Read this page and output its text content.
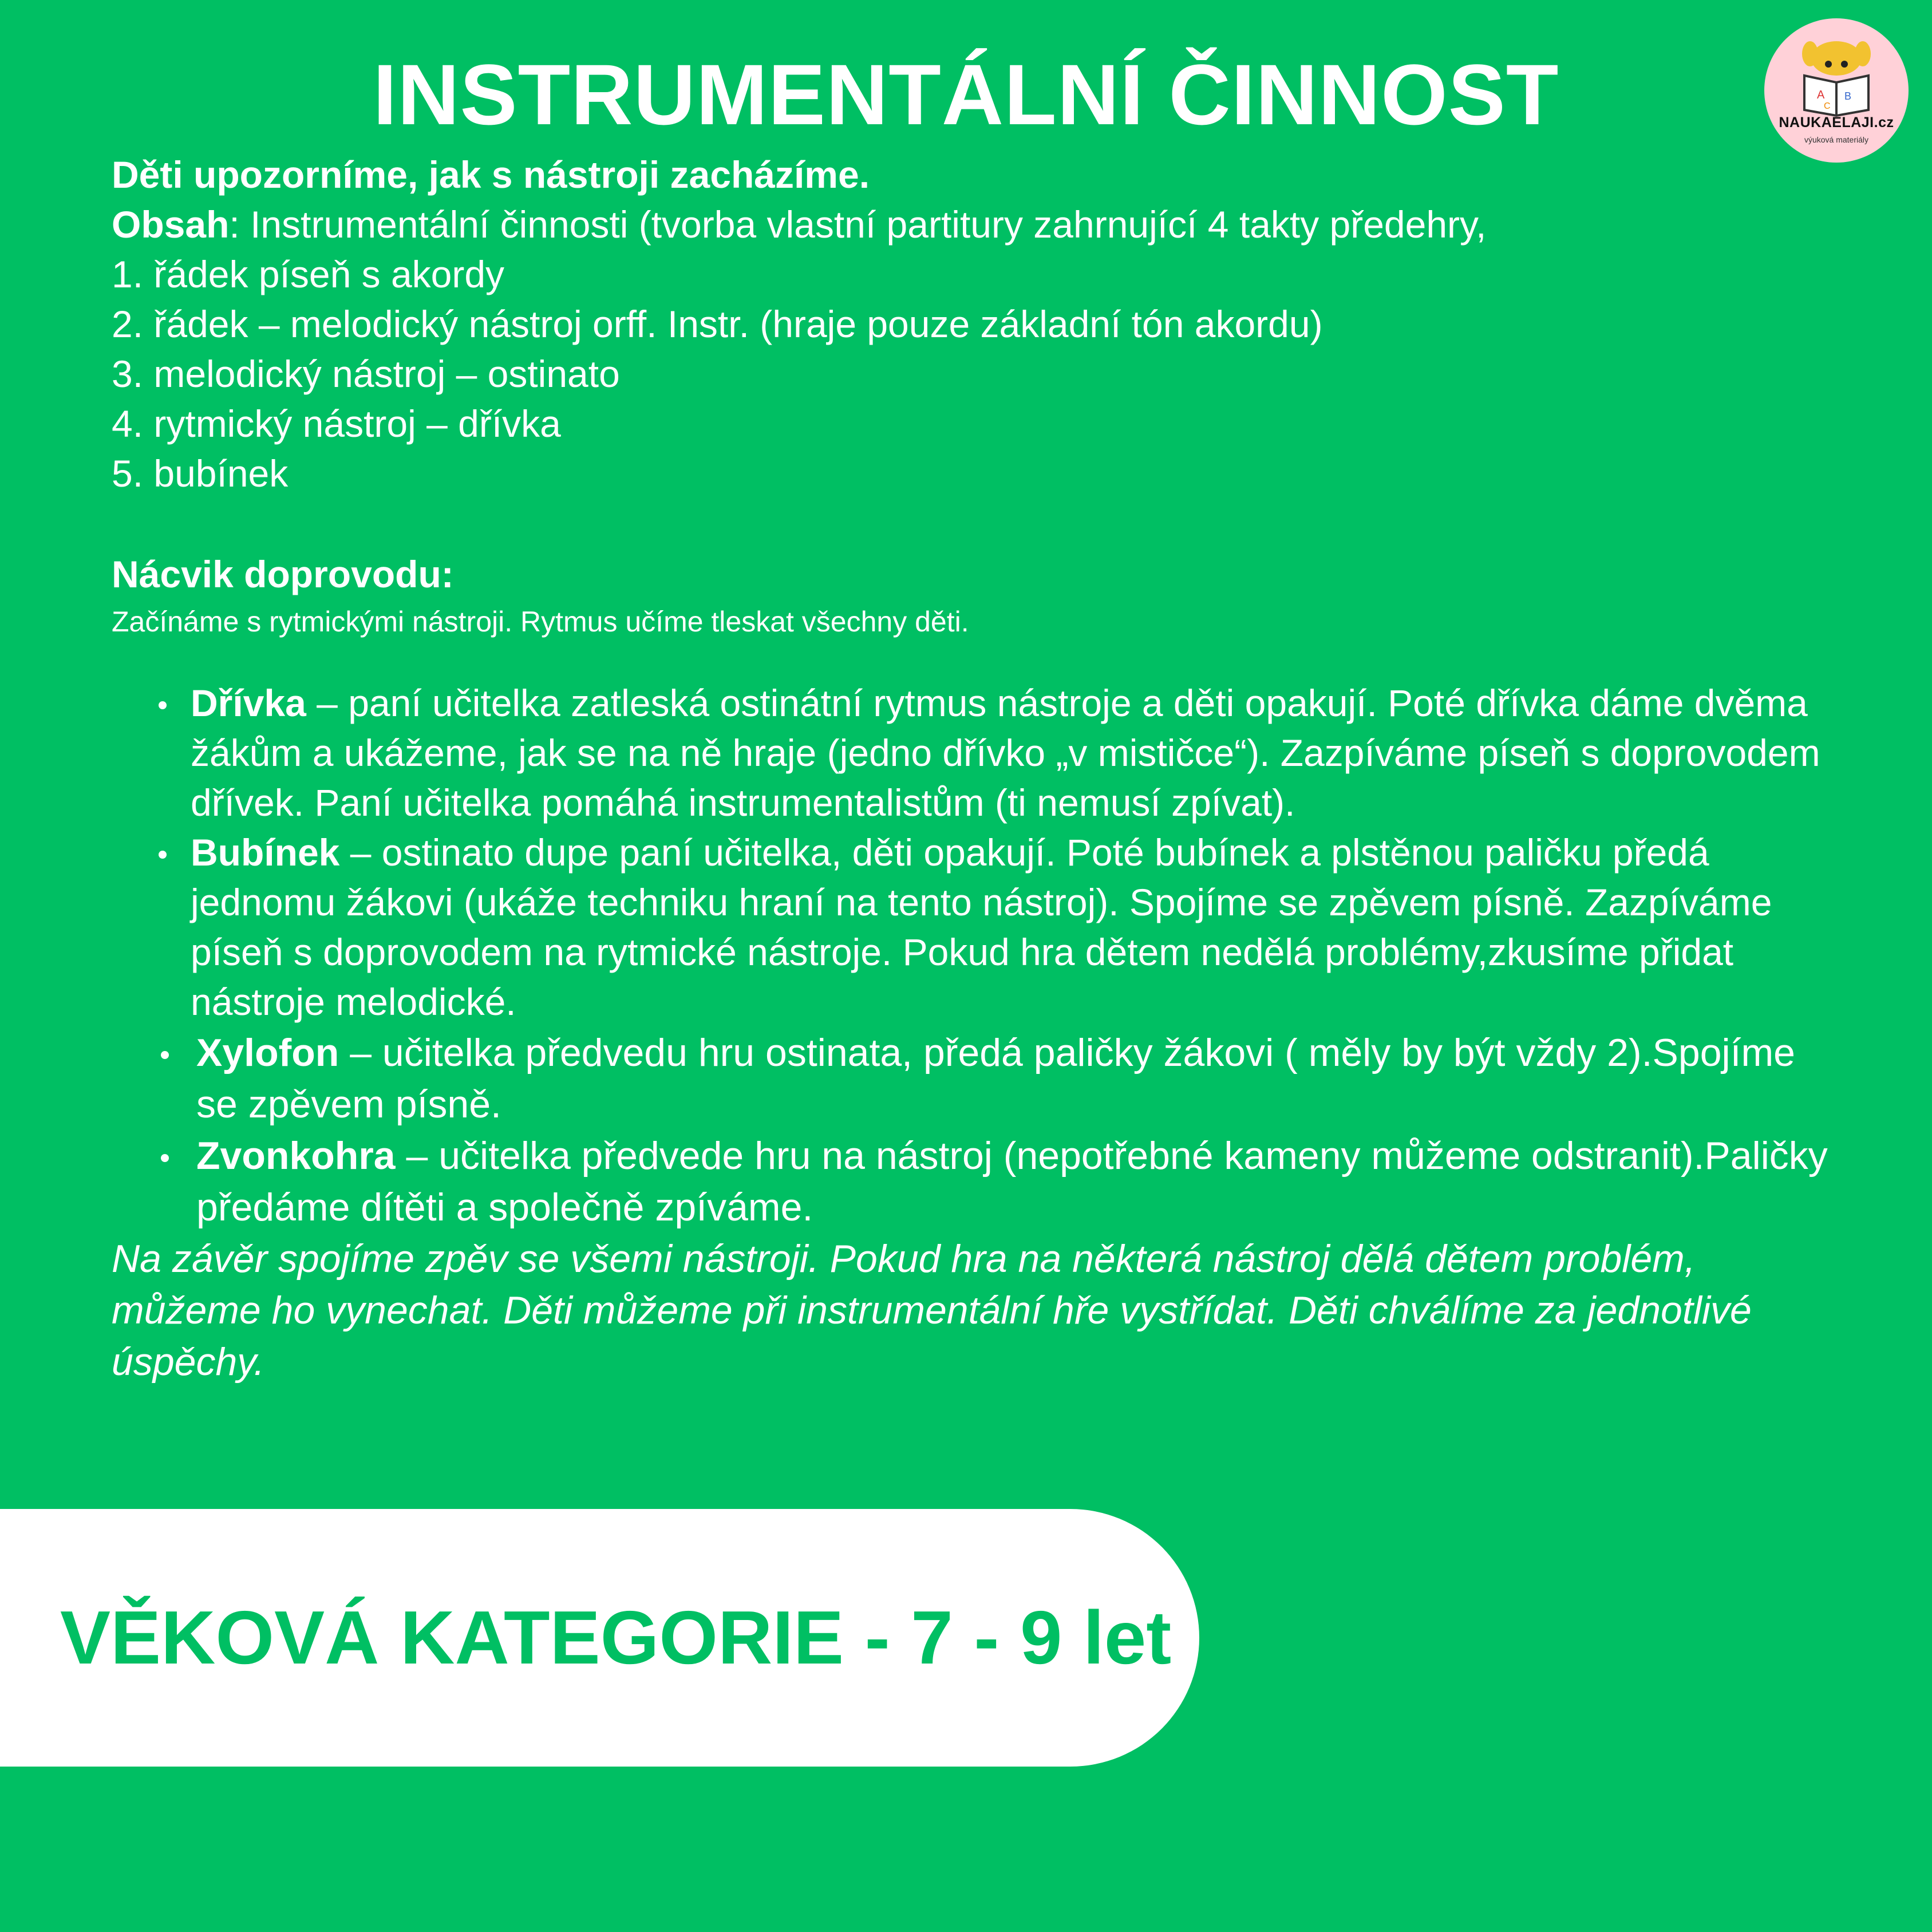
INSTRUMENTÁLNÍ ČINNOST	A B
C
NAUKAELAJI.cz
výuková materiály

Děti upozorníme, jak s nástroji zacházíme.

Obsah: Instrumentální činnosti (tvorba vlastní partitury zahrnující 4 takty předehry,

1. řádek píseň s akordy

2. řádek – melodický nástroj orff. Instr. (hraje pouze základní tón akordu)

3. melodický nástroj – ostinato

4. rytmický nástroj – dřívka

5. bubínek

Nácvik doprovodu:

Začínáme s rytmickými nástroji. Rytmus učíme tleskat všechny děti.

Dřívka – paní učitelka zatleská ostinátní rytmus nástroje a děti opakují. Poté dřívka dáme dvěma žákům a ukážeme, jak se na ně hraje (jedno dřívko „v mističce“). Zazpíváme píseň s doprovodem dřívek. Paní učitelka pomáhá instrumentalistům (ti nemusí zpívat).
Bubínek – ostinato dupe paní učitelka, děti opakují. Poté bubínek a plstěnou paličku předá jednomu žákovi (ukáže techniku hraní na tento nástroj). Spojíme se zpěvem písně. Zazpíváme píseň s doprovodem na rytmické nástroje. Pokud hra dětem nedělá problémy,zkusíme přidat nástroje melodické.
Xylofon – učitelka předvedu hru ostinata, předá paličky žákovi ( měly by být vždy 2).Spojíme se zpěvem písně.
Zvonkohra – učitelka předvede hru na nástroj (nepotřebné kameny můžeme odstranit).Paličky předáme dítěti a společně zpíváme.

Na závěr spojíme zpěv se všemi nástroji. Pokud hra na některá nástroj dělá dětem problém, můžeme ho vynechat. Děti můžeme při instrumentální hře vystřídat. Děti chválíme za jednotlivé úspěchy.

VĚKOVÁ KATEGORIE - 7 - 9 let
